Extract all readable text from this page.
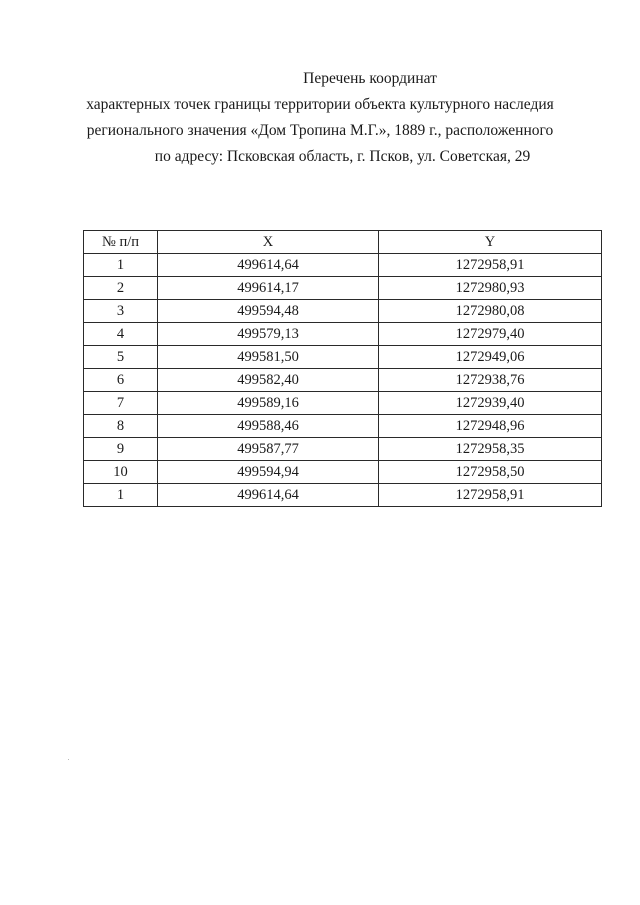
Перечень координат
характерных точек границы территории объекта культурного наследия
регионального значения «Дом Тропина М.Г.», 1889 г., расположенного
по адресу: Псковская область, г. Псков, ул. Советская, 29
№ п/п	X	Y
1	499614,64	1272958,91
2	499614,17	1272980,93
3	499594,48	1272980,08
4	499579,13	1272979,40
5	499581,50	1272949,06
6	499582,40	1272938,76
7	499589,16	1272939,40
8	499588,46	1272948,96
9	499587,77	1272958,35
10	499594,94	1272958,50
1	499614,64	1272958,91
